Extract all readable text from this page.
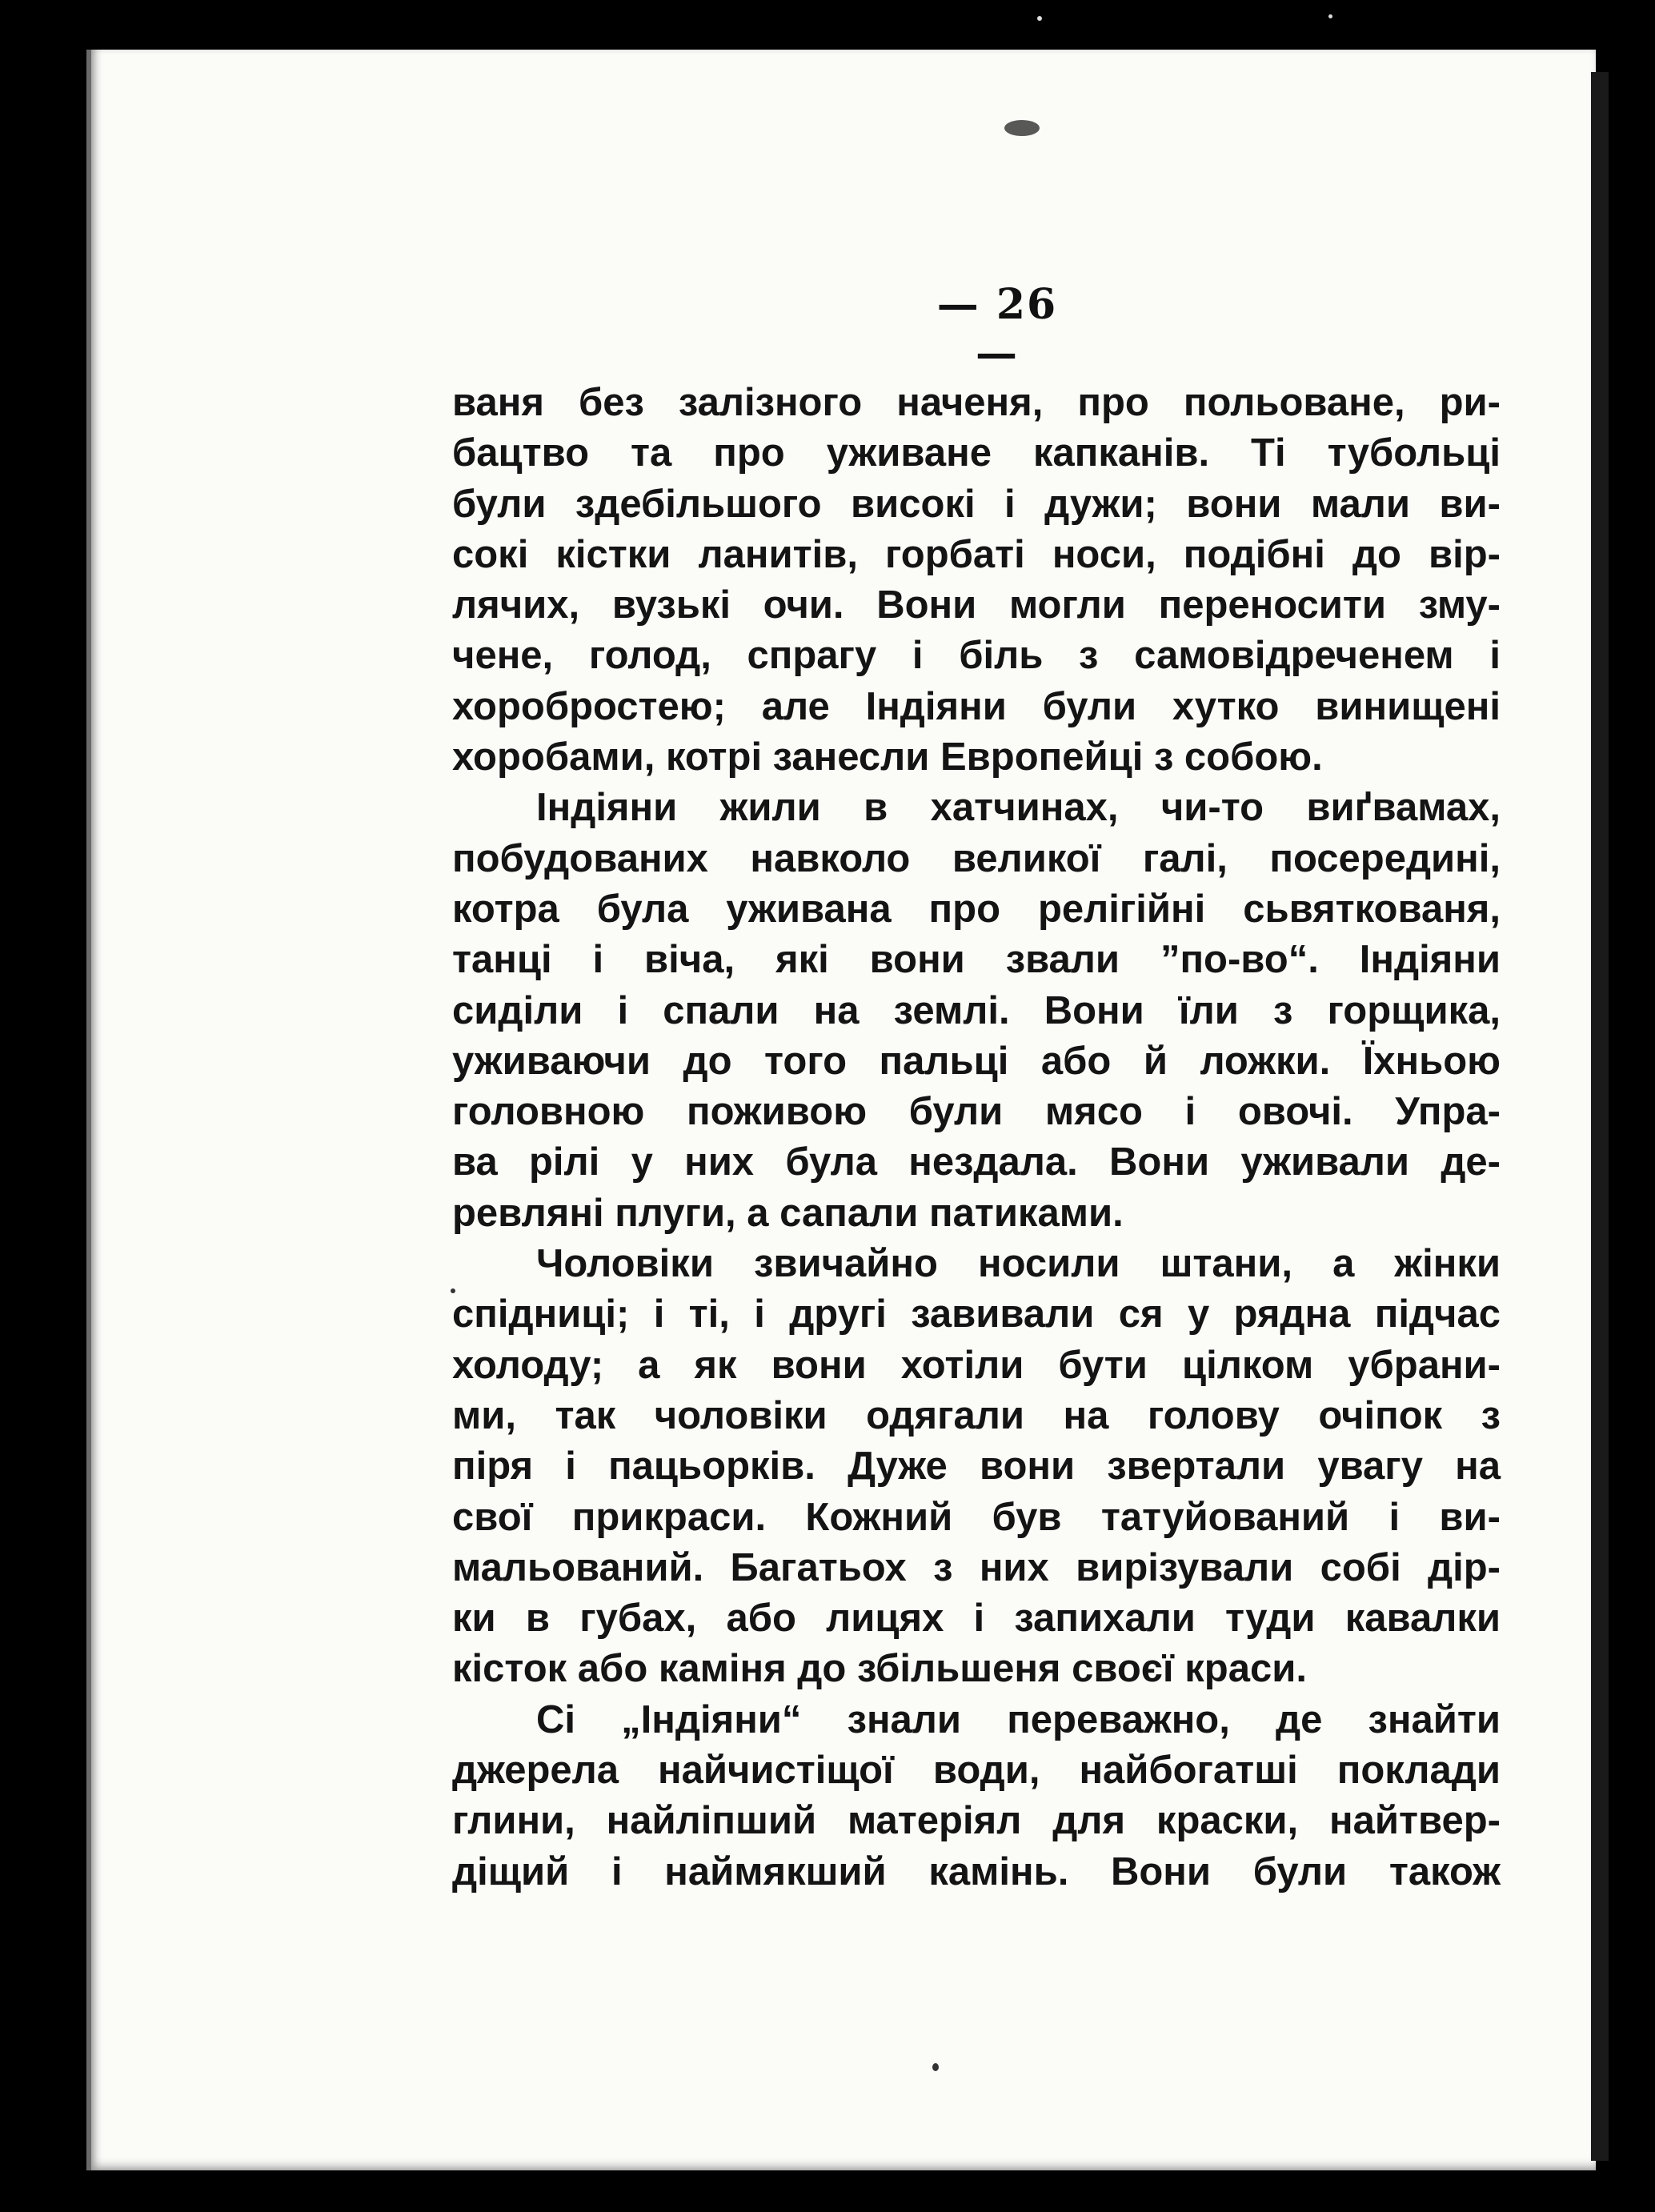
— 26 —
ваня без залізного наченя, про польоване, ри-
бацтво та про уживане капканів. Ті тубольці
були здебільшого високі і дужи; вони мали ви-
сокі кістки ланитів, горбаті носи, подібні до вір-
лячих, вузькі очи. Вони могли переносити зму-
чене, голод, спрагу і біль з самовідреченем і
хоробростею; але Індіяни були хутко винищені
хоробами, котрі занесли Европейці з собою.
Індіяни жили в хатчинах, чи-то виґвамах,
побудованих навколо великої галі, посередині,
котра була уживана про релігійні сьвяткованя,
танці і віча, які вони звали ”по-во“. Індіяни
сиділи і спали на землі. Вони їли з горщика,
уживаючи до того пальці або й ложки. Їхньою
головною поживою були мясо і овочі. Упра-
ва рілі у них була нездала. Вони уживали де-
ревляні плуги, а сапали патиками.
Чоловіки звичайно носили штани, а жінки
спідниці; і ті, і другі завивали ся у рядна підчас
холоду; а як вони хотіли бути цілком убрани-
ми, так чоловіки одягали на голову очіпок з
піря і пацьорків. Дуже вони звертали увагу на
свої прикраси. Кожний був татуйований і ви-
мальований. Багатьох з них вирізували собі дір-
ки в губах, або лицях і запихали туди кавалки
кісток або каміня до збільшеня своєї краси.
Сі „Індіяни“ знали переважно, де знайти
джерела найчистіщої води, найбогатші поклади
глини, найліпший матеріял для краски, найтвер-
діщий і наймякший камінь. Вони були також
